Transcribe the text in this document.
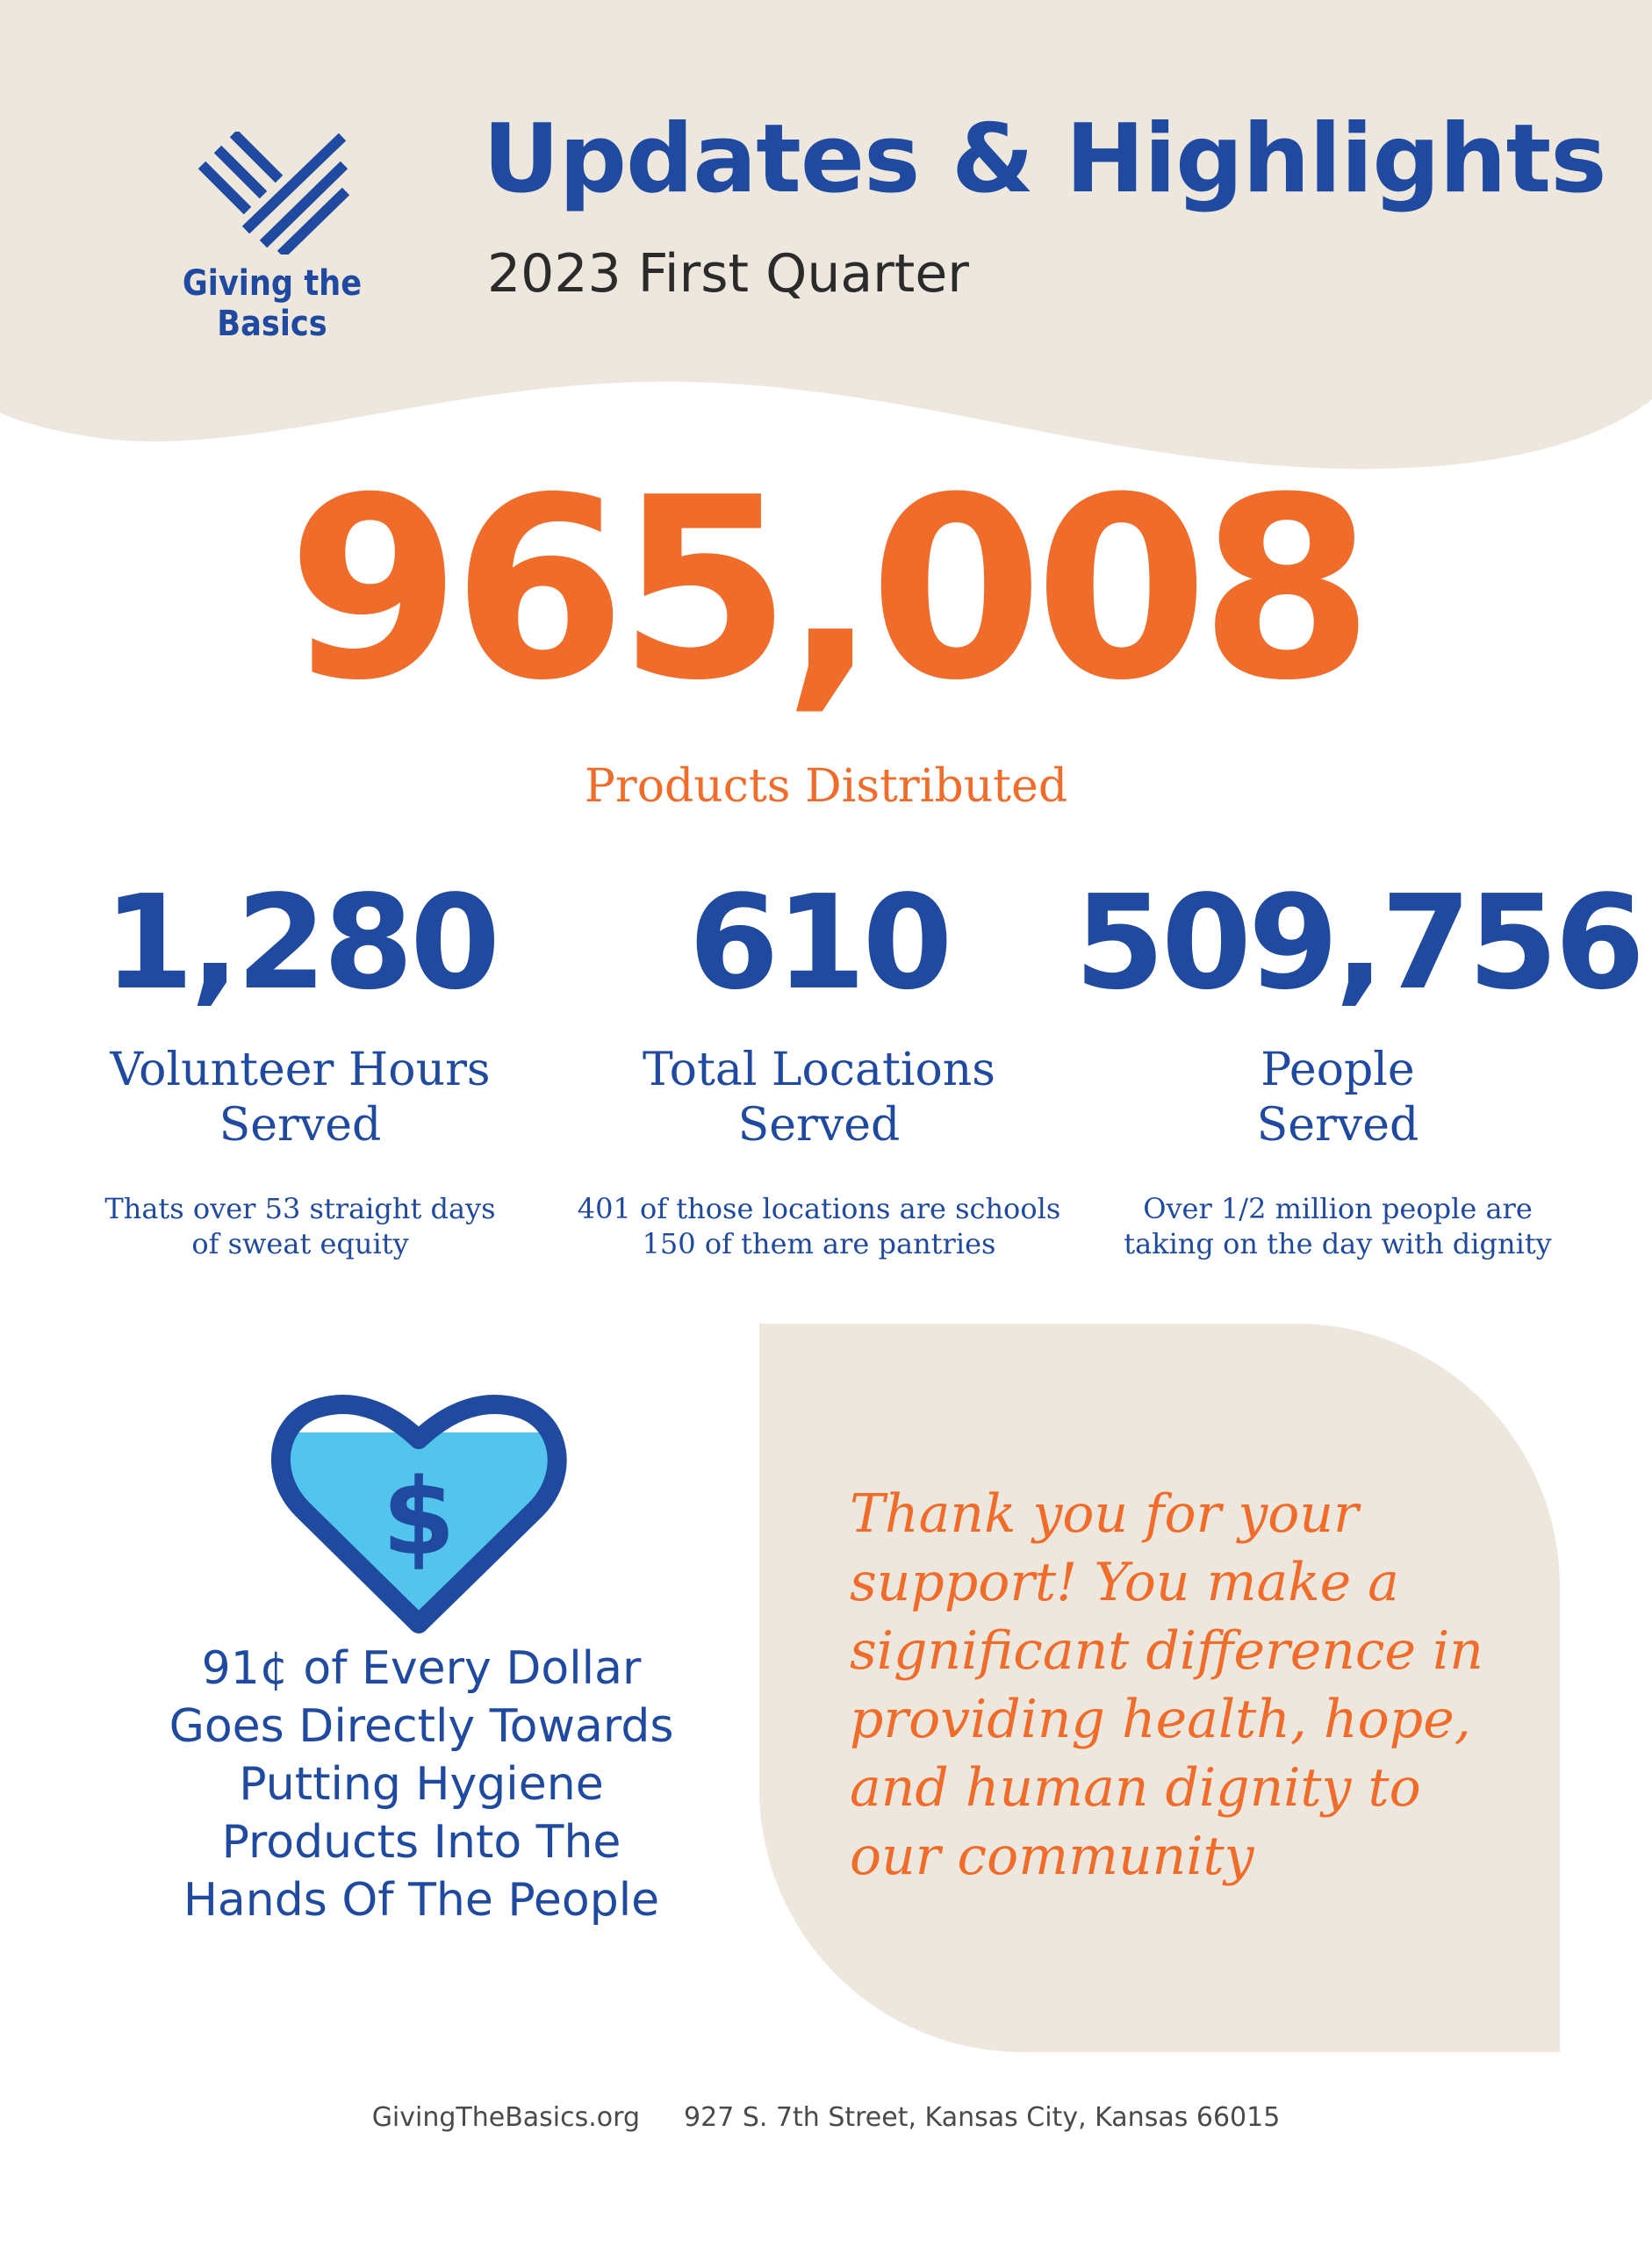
Giving the Basics
Updates & Highlights
2023 First Quarter
965,008
Products Distributed
1,280
Volunteer Hours
Served
Thats over 53 straight days
of sweat equity
610
Total Locations
Served
401 of those locations are schools
150 of them are pantries
509,756
People
Served
Over 1/2 million people are
taking on the day with dignity
$
91¢ of Every Dollar
Goes Directly Towards
Putting Hygiene
Products Into The
Hands Of The People
Thank you for your
support! You make a
significant difference in
providing health, hope,
and human dignity to
our community
GivingTheBasics.org 927 S. 7th Street, Kansas City, Kansas 66015
